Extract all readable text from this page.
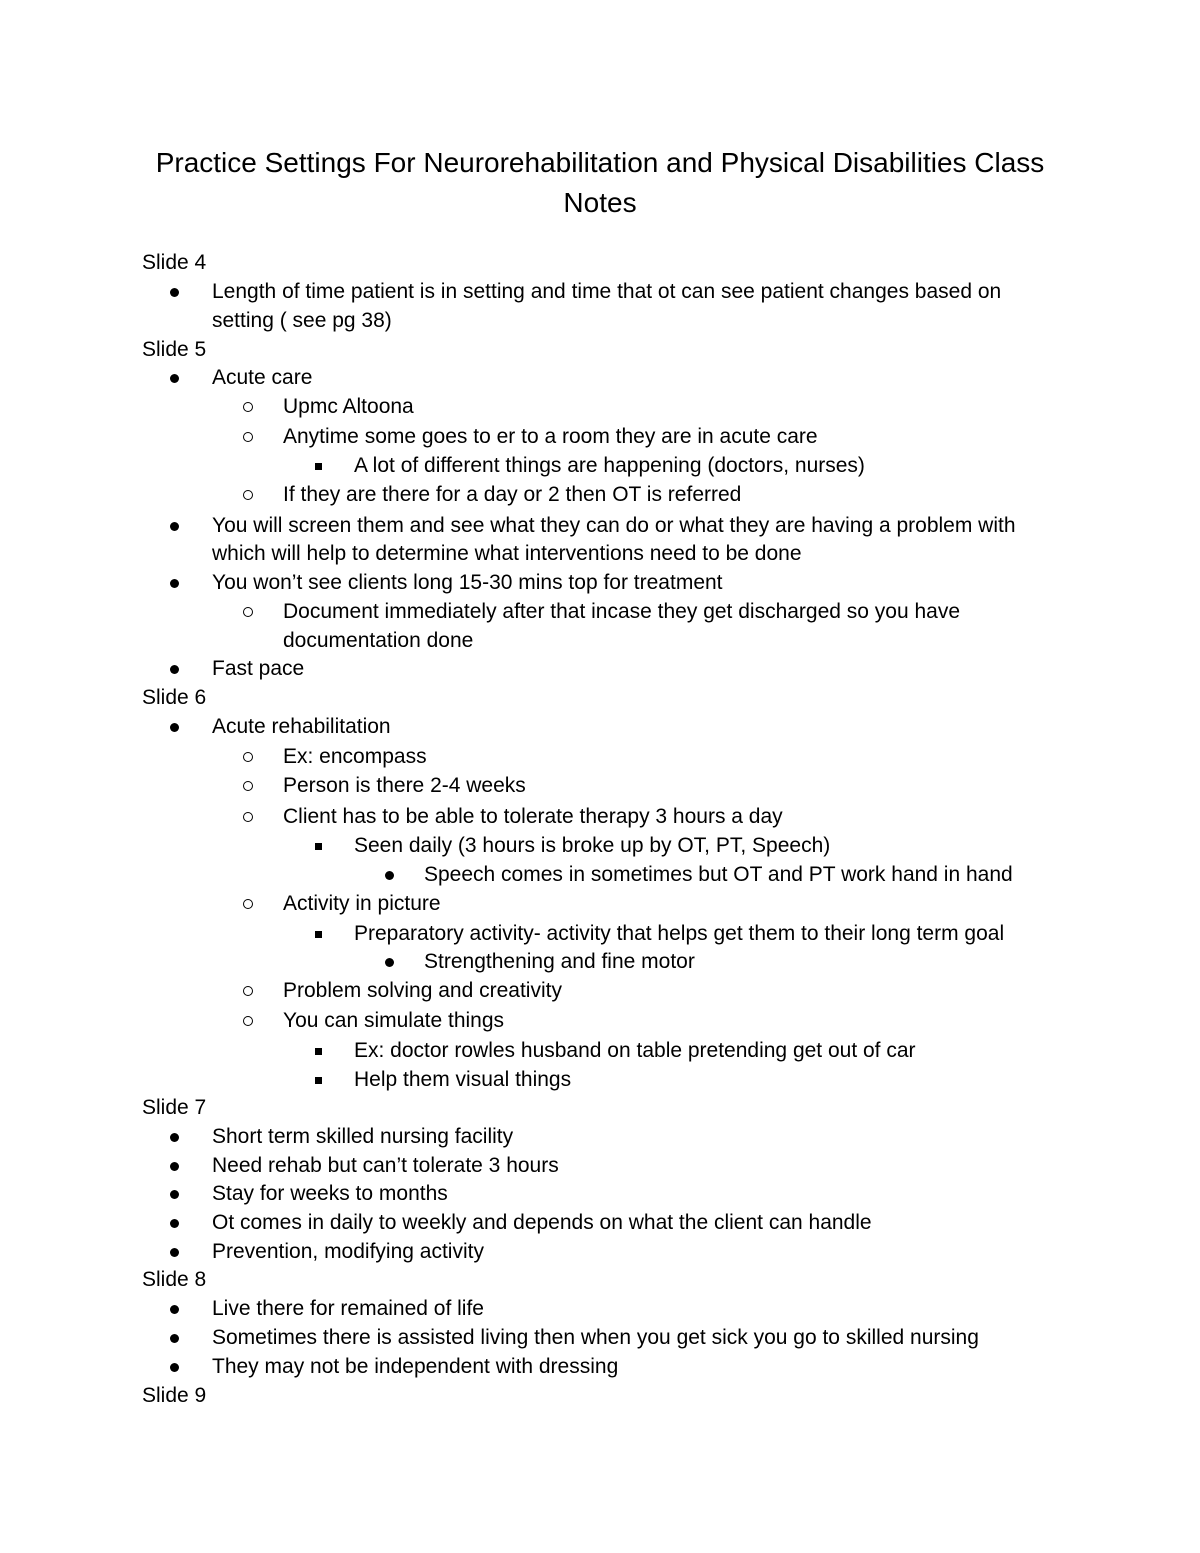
Practice Settings For Neurorehabilitation and Physical Disabilities Class
Notes
Slide 4
Length of time patient is in setting and time that ot can see patient changes based on
setting ( see pg 38)
Slide 5
Acute care
Upmc Altoona
Anytime some goes to er to a room they are in acute care
A lot of different things are happening (doctors, nurses)
If they are there for a day or 2 then OT is referred
You will screen them and see what they can do or what they are having a problem with
which will help to determine what interventions need to be done
You won’t see clients long 15-30 mins top for treatment
Document immediately after that incase they get discharged so you have
documentation done
Fast pace
Slide 6
Acute rehabilitation
Ex: encompass
Person is there 2-4 weeks
Client has to be able to tolerate therapy 3 hours a day
Seen daily (3 hours is broke up by OT, PT, Speech)
Speech comes in sometimes but OT and PT work hand in hand
Activity in picture
Preparatory activity- activity that helps get them to their long term goal
Strengthening and fine motor
Problem solving and creativity
You can simulate things
Ex: doctor rowles husband on table pretending get out of car
Help them visual things
Slide 7
Short term skilled nursing facility
Need rehab but can’t tolerate 3 hours
Stay for weeks to months
Ot comes in daily to weekly and depends on what the client can handle
Prevention, modifying activity
Slide 8
Live there for remained of life
Sometimes there is assisted living then when you get sick you go to skilled nursing
They may not be independent with dressing
Slide 9
